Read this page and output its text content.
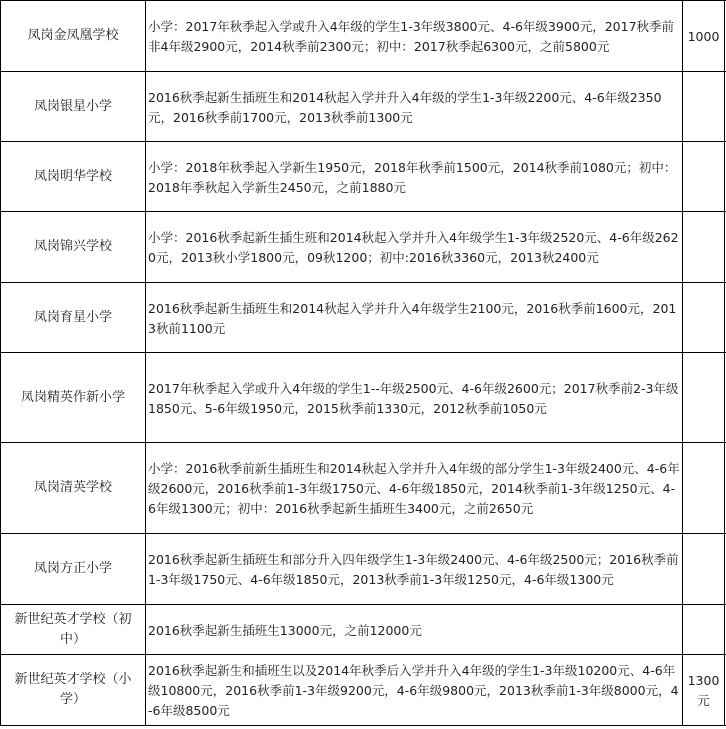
凤岗金凤凰学校	小学：2017年秋季起入学或升入4年级的学生1-3年级3800元、4-6年级3900元，2017秋季前非4年级2900元，2014秋季前2300元；初中：2017秋季起6300元，之前5800元	1000	
凤岗银星小学	2016秋季起新生插班生和2014秋起入学并升入4年级的学生1-3年级2200元、4-6年级2350元，2016秋季前1700元，2013秋季前1300元		
凤岗明华学校	小学：2018年秋季起入学新生1950元，2018年秋季前1500元，2014秋季前1080元；初中：2018年季秋起入学新生2450元，之前1880元		
凤岗锦兴学校	小学：2016秋季起新生插生班和2014秋起入学并升入4年级学生1-3年级2520元、4-6年级2620元，2013秋小学1800元，09秋1200；初中:2016秋3360元，2013秋2400元		
凤岗育星小学	2016秋季起新生插班生和2014秋起入学并升入4年级学生2100元，2016秋季前1600元，2013秋前1100元		
凤岗精英作新小学	2017年秋季起入学或升入4年级的学生1--年级2500元、4-6年级2600元；2017秋季前2-3年级1850元、5-6年级1950元，2015秋季前1330元，2012秋季前1050元		
凤岗清英学校	小学：2016秋季前新生插班生和2014秋起入学并升入4年级的部分学生1-3年级2400元、4-6年级2600元，2016秋季前1-3年级1750元、4-6年级1850元，2014秋季前1-3年级1250元、4-6年级1300元；初中：2016秋季起新生插班生3400元，之前2650元		
凤岗方正小学	2016秋季起新生插班生和部分升入四年级学生1-3年级2400元、4-6年级2500元；2016秋季前1-3年级1750元、4-6年级1850元，2013秋季前1-3年级1250元，4-6年级1300元		
新世纪英才学校（初中）	2016秋季起新生插班生13000元，之前12000元		
新世纪英才学校（小学）	2016秋季起新生和插班生以及2014年秋季后入学并升入4年级的学生1-3年级10200元、4-6年级10800元，2016秋季前1-3年级9200元，4-6年级9800元，2013秋季前1-3年级8000元，4-6年级8500元	1300元	
